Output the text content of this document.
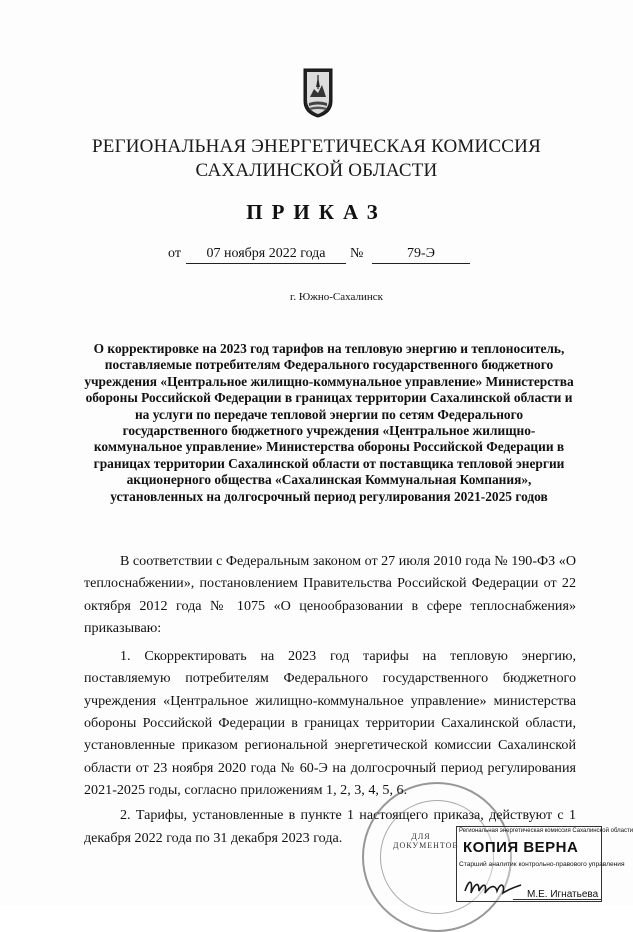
РЕГИОНАЛЬНАЯ ЭНЕРГЕТИЧЕСКАЯ КОМИССИЯ
САХАЛИНСКОЙ ОБЛАСТИ
ПРИКАЗ
от	07 ноября 2022 года	№	79-Э
г. Южно-Сахалинск
О корректировке на 2023 год тарифов на тепловую энергию и теплоноситель, поставляемые потребителям Федерального государственного бюджетного учреждения «Центральное жилищно-коммунальное управление» Министерства обороны Российской Федерации в границах территории Сахалинской области и на услуги по передаче тепловой энергии по сетям Федерального государственного бюджетного учреждения «Центральное жилищно-коммунальное управление» Министерства обороны Российской Федерации в границах территории Сахалинской области от поставщика тепловой энергии акционерного общества «Сахалинская Коммунальная Компания», установленных на долгосрочный период регулирования 2021-2025 годов

В соответствии с Федеральным законом от 27 июля 2010 года № 190-ФЗ «О теплоснабжении», постановлением Правительства Российской Федерации от 22 октября 2012 года № 1075 «О ценообразовании в сфере теплоснабжения» приказываю:

1. Скорректировать на 2023 год тарифы на тепловую энергию, поставляемую потребителям Федерального государственного бюджетного учреждения «Центральное жилищно-коммунальное управление» министерства обороны Российской Федерации в границах территории Сахалинской области, установленные приказом региональной энергетической комиссии Сахалинской области от 23 ноября 2020 года № 60-Э на долгосрочный период регулирования 2021-2025 годы, согласно приложениям 1, 2, 3, 4, 5, 6.

2. Тарифы, установленные в пункте 1 настоящего приказа, действуют с 1 декабря 2022 года по 31 декабря 2023 года.	ДЛЯ ДОКУМЕНТОВ
Региональная энергетическая комиссия Сахалинской области
КОПИЯ ВЕРНА
Старший аналитик контрольно-правового управления
М.Е. Игнатьева
